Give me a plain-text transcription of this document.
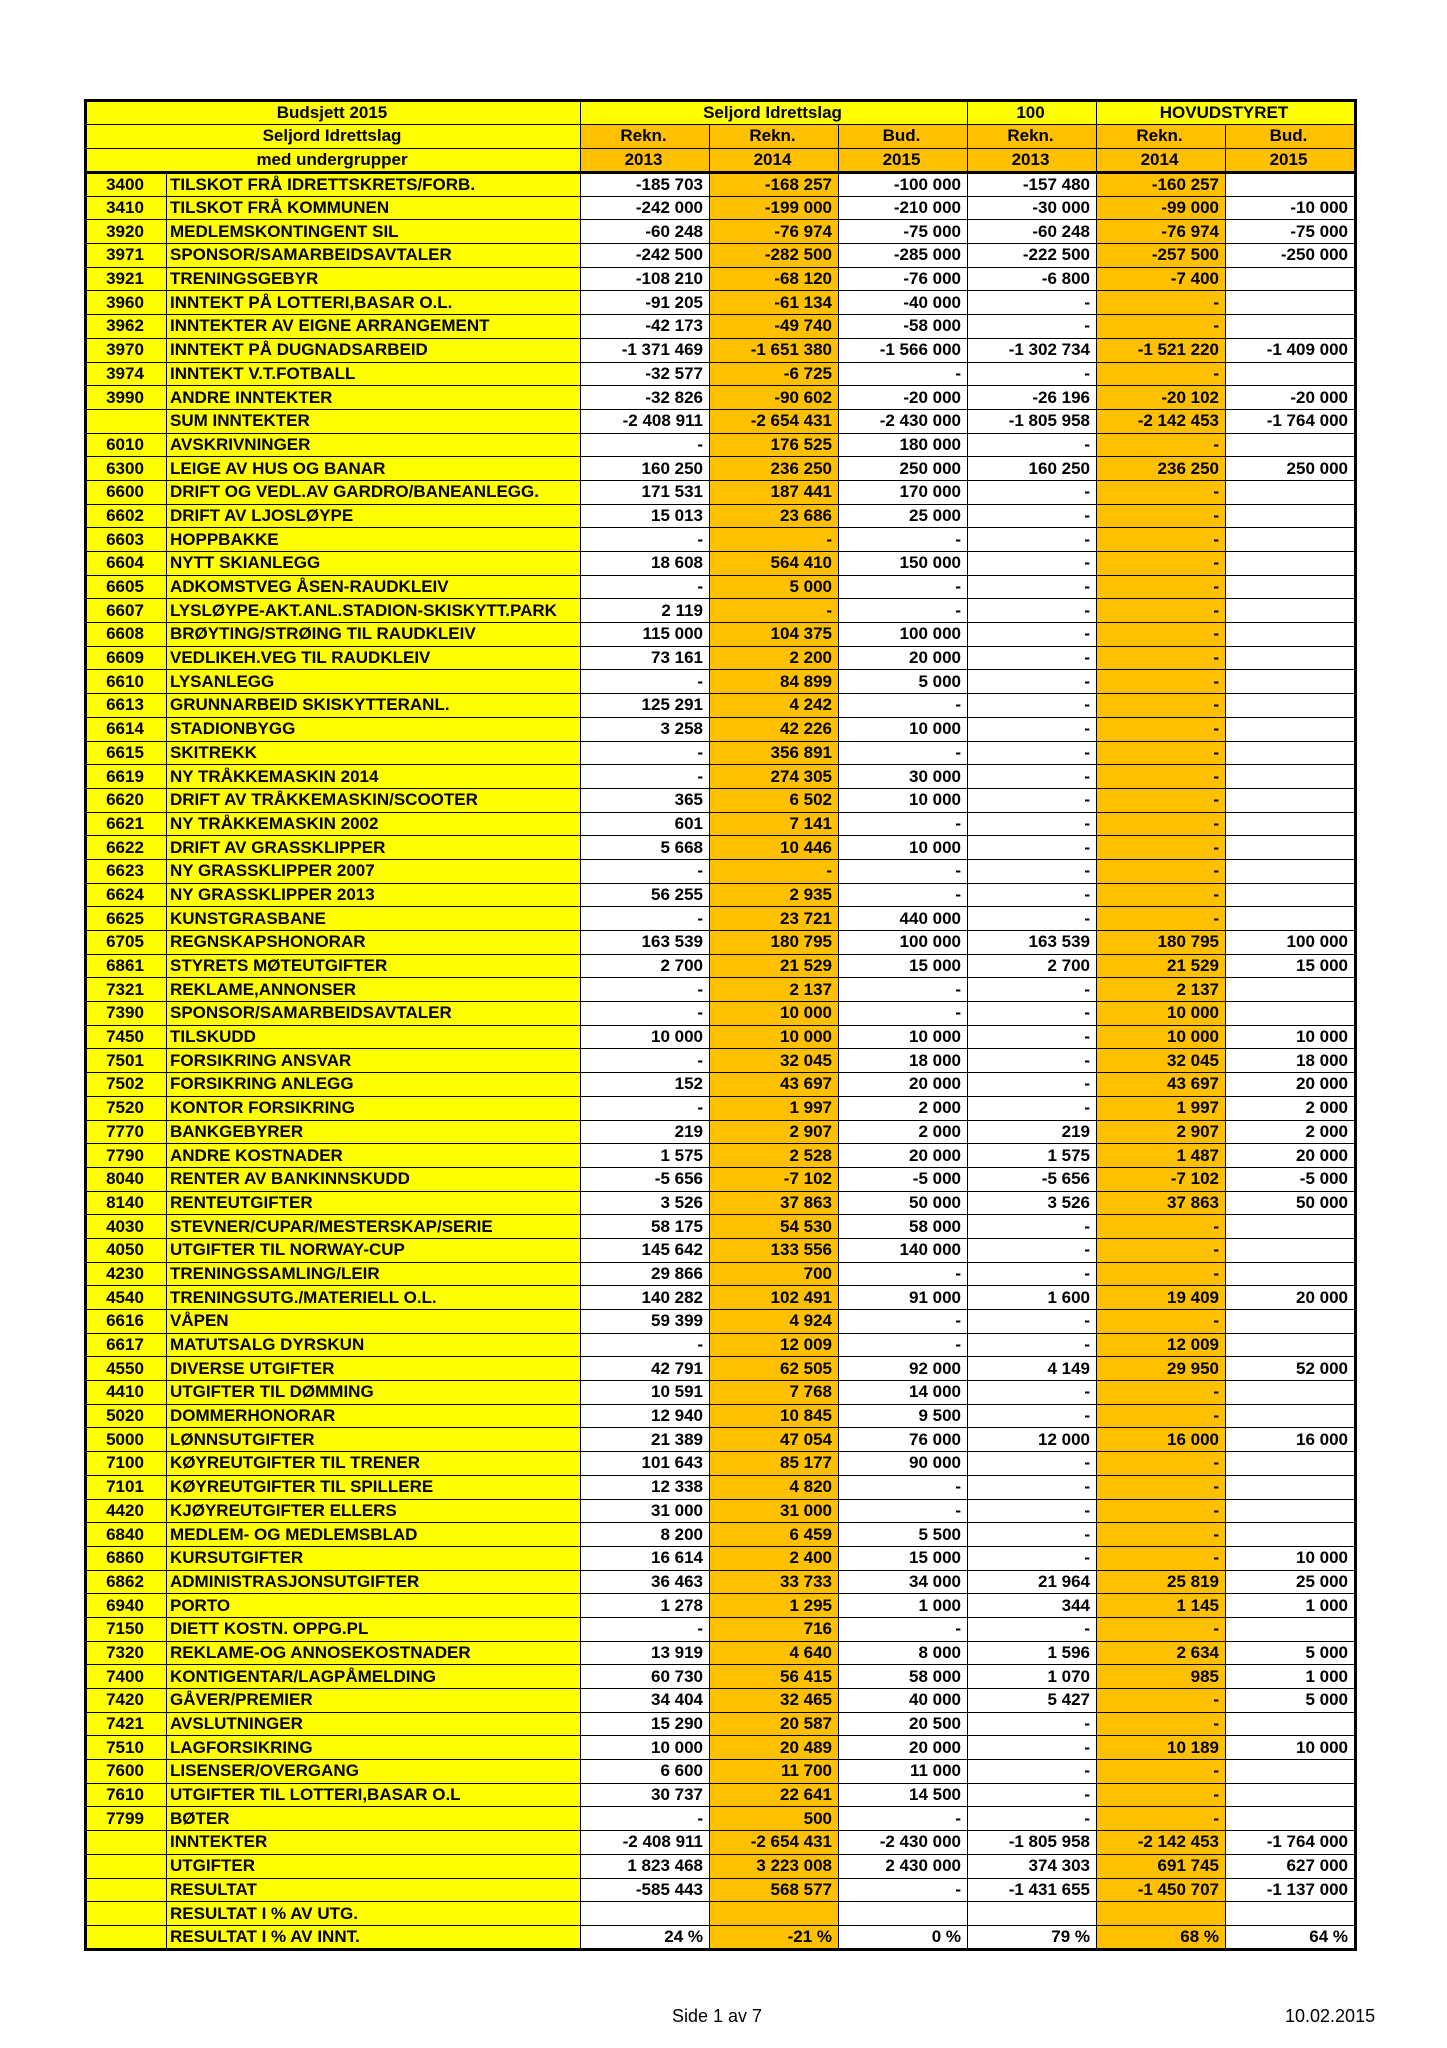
Budsjett 2015		Seljord Idrettslag			100	HOVUDSTYRET	
Seljord Idrettslag		Rekn.	Rekn.	Bud.	Rekn.	Rekn.	Bud.
med undergrupper		2013	2014	2015	2013	2014	2015
3400	TILSKOT FRÅ IDRETTSKRETS/FORB.	-185 703	-168 257	-100 000	-157 480	-160 257	
3410	TILSKOT FRÅ KOMMUNEN	-242 000	-199 000	-210 000	-30 000	-99 000	-10 000
3920	MEDLEMSKONTINGENT SIL	-60 248	-76 974	-75 000	-60 248	-76 974	-75 000
3971	SPONSOR/SAMARBEIDSAVTALER	-242 500	-282 500	-285 000	-222 500	-257 500	-250 000
3921	TRENINGSGEBYR	-108 210	-68 120	-76 000	-6 800	-7 400	
3960	INNTEKT PÅ LOTTERI,BASAR O.L.	-91 205	-61 134	-40 000	-	-	
3962	INNTEKTER AV EIGNE ARRANGEMENT	-42 173	-49 740	-58 000	-	-	
3970	INNTEKT PÅ DUGNADSARBEID	-1 371 469	-1 651 380	-1 566 000	-1 302 734	-1 521 220	-1 409 000
3974	INNTEKT V.T.FOTBALL	-32 577	-6 725	-	-	-	
3990	ANDRE INNTEKTER	-32 826	-90 602	-20 000	-26 196	-20 102	-20 000
	SUM INNTEKTER	-2 408 911	-2 654 431	-2 430 000	-1 805 958	-2 142 453	-1 764 000
6010	AVSKRIVNINGER	-	176 525	180 000	-	-	
6300	LEIGE AV HUS OG BANAR	160 250	236 250	250 000	160 250	236 250	250 000
6600	DRIFT OG VEDL.AV GARDRO/BANEANLEGG.	171 531	187 441	170 000	-	-	
6602	DRIFT AV LJOSLØYPE	15 013	23 686	25 000	-	-	
6603	HOPPBAKKE	-	-	-	-	-	
6604	NYTT SKIANLEGG	18 608	564 410	150 000	-	-	
6605	ADKOMSTVEG ÅSEN-RAUDKLEIV	-	5 000	-	-	-	
6607	LYSLØYPE-AKT.ANL.STADION-SKISKYTT.PARK	2 119	-	-	-	-	
6608	BRØYTING/STRØING TIL RAUDKLEIV	115 000	104 375	100 000	-	-	
6609	VEDLIKEH.VEG TIL RAUDKLEIV	73 161	2 200	20 000	-	-	
6610	LYSANLEGG	-	84 899	5 000	-	-	
6613	GRUNNARBEID SKISKYTTERANL.	125 291	4 242	-	-	-	
6614	STADIONBYGG	3 258	42 226	10 000	-	-	
6615	SKITREKK	-	356 891	-	-	-	
6619	NY TRÅKKEMASKIN 2014	-	274 305	30 000	-	-	
6620	DRIFT AV TRÅKKEMASKIN/SCOOTER	365	6 502	10 000	-	-	
6621	NY TRÅKKEMASKIN 2002	601	7 141	-	-	-	
6622	DRIFT AV GRASSKLIPPER	5 668	10 446	10 000	-	-	
6623	NY GRASSKLIPPER 2007	-	-	-	-	-	
6624	NY GRASSKLIPPER 2013	56 255	2 935	-	-	-	
6625	KUNSTGRASBANE	-	23 721	440 000	-	-	
6705	REGNSKAPSHONORAR	163 539	180 795	100 000	163 539	180 795	100 000
6861	STYRETS MØTEUTGIFTER	2 700	21 529	15 000	2 700	21 529	15 000
7321	REKLAME,ANNONSER	-	2 137	-	-	2 137	
7390	SPONSOR/SAMARBEIDSAVTALER	-	10 000	-	-	10 000	
7450	TILSKUDD	10 000	10 000	10 000	-	10 000	10 000
7501	FORSIKRING ANSVAR	-	32 045	18 000	-	32 045	18 000
7502	FORSIKRING ANLEGG	152	43 697	20 000	-	43 697	20 000
7520	KONTOR FORSIKRING	-	1 997	2 000	-	1 997	2 000
7770	BANKGEBYRER	219	2 907	2 000	219	2 907	2 000
7790	ANDRE KOSTNADER	1 575	2 528	20 000	1 575	1 487	20 000
8040	RENTER AV BANKINNSKUDD	-5 656	-7 102	-5 000	-5 656	-7 102	-5 000
8140	RENTEUTGIFTER	3 526	37 863	50 000	3 526	37 863	50 000
4030	STEVNER/CUPAR/MESTERSKAP/SERIE	58 175	54 530	58 000	-	-	
4050	UTGIFTER TIL NORWAY-CUP	145 642	133 556	140 000	-	-	
4230	TRENINGSSAMLING/LEIR	29 866	700	-	-	-	
4540	TRENINGSUTG./MATERIELL O.L.	140 282	102 491	91 000	1 600	19 409	20 000
6616	VÅPEN	59 399	4 924	-	-	-	
6617	MATUTSALG DYRSKUN	-	12 009	-	-	12 009	
4550	DIVERSE UTGIFTER	42 791	62 505	92 000	4 149	29 950	52 000
4410	UTGIFTER TIL DØMMING	10 591	7 768	14 000	-	-	
5020	DOMMERHONORAR	12 940	10 845	9 500	-	-	
5000	LØNNSUTGIFTER	21 389	47 054	76 000	12 000	16 000	16 000
7100	KØYREUTGIFTER TIL TRENER	101 643	85 177	90 000	-	-	
7101	KØYREUTGIFTER TIL SPILLERE	12 338	4 820	-	-	-	
4420	KJØYREUTGIFTER ELLERS	31 000	31 000	-	-	-	
6840	MEDLEM- OG MEDLEMSBLAD	8 200	6 459	5 500	-	-	
6860	KURSUTGIFTER	16 614	2 400	15 000	-	-	10 000
6862	ADMINISTRASJONSUTGIFTER	36 463	33 733	34 000	21 964	25 819	25 000
6940	PORTO	1 278	1 295	1 000	344	1 145	1 000
7150	DIETT KOSTN. OPPG.PL	-	716	-	-	-	
7320	REKLAME-OG ANNOSEKOSTNADER	13 919	4 640	8 000	1 596	2 634	5 000
7400	KONTIGENTAR/LAGPÅMELDING	60 730	56 415	58 000	1 070	985	1 000
7420	GÅVER/PREMIER	34 404	32 465	40 000	5 427	-	5 000
7421	AVSLUTNINGER	15 290	20 587	20 500	-	-	
7510	LAGFORSIKRING	10 000	20 489	20 000	-	10 189	10 000
7600	LISENSER/OVERGANG	6 600	11 700	11 000	-	-	
7610	UTGIFTER TIL LOTTERI,BASAR O.L	30 737	22 641	14 500	-	-	
7799	BØTER	-	500	-	-	-	
	INNTEKTER	-2 408 911	-2 654 431	-2 430 000	-1 805 958	-2 142 453	-1 764 000
	UTGIFTER	1 823 468	3 223 008	2 430 000	374 303	691 745	627 000
	RESULTAT	-585 443	568 577	-	-1 431 655	-1 450 707	-1 137 000
	RESULTAT I % AV UTG.						
	RESULTAT I % AV INNT.	24 %	-21 %	0 %	79 %	68 %	64 %
Side 1 av 7	10.02.2015
